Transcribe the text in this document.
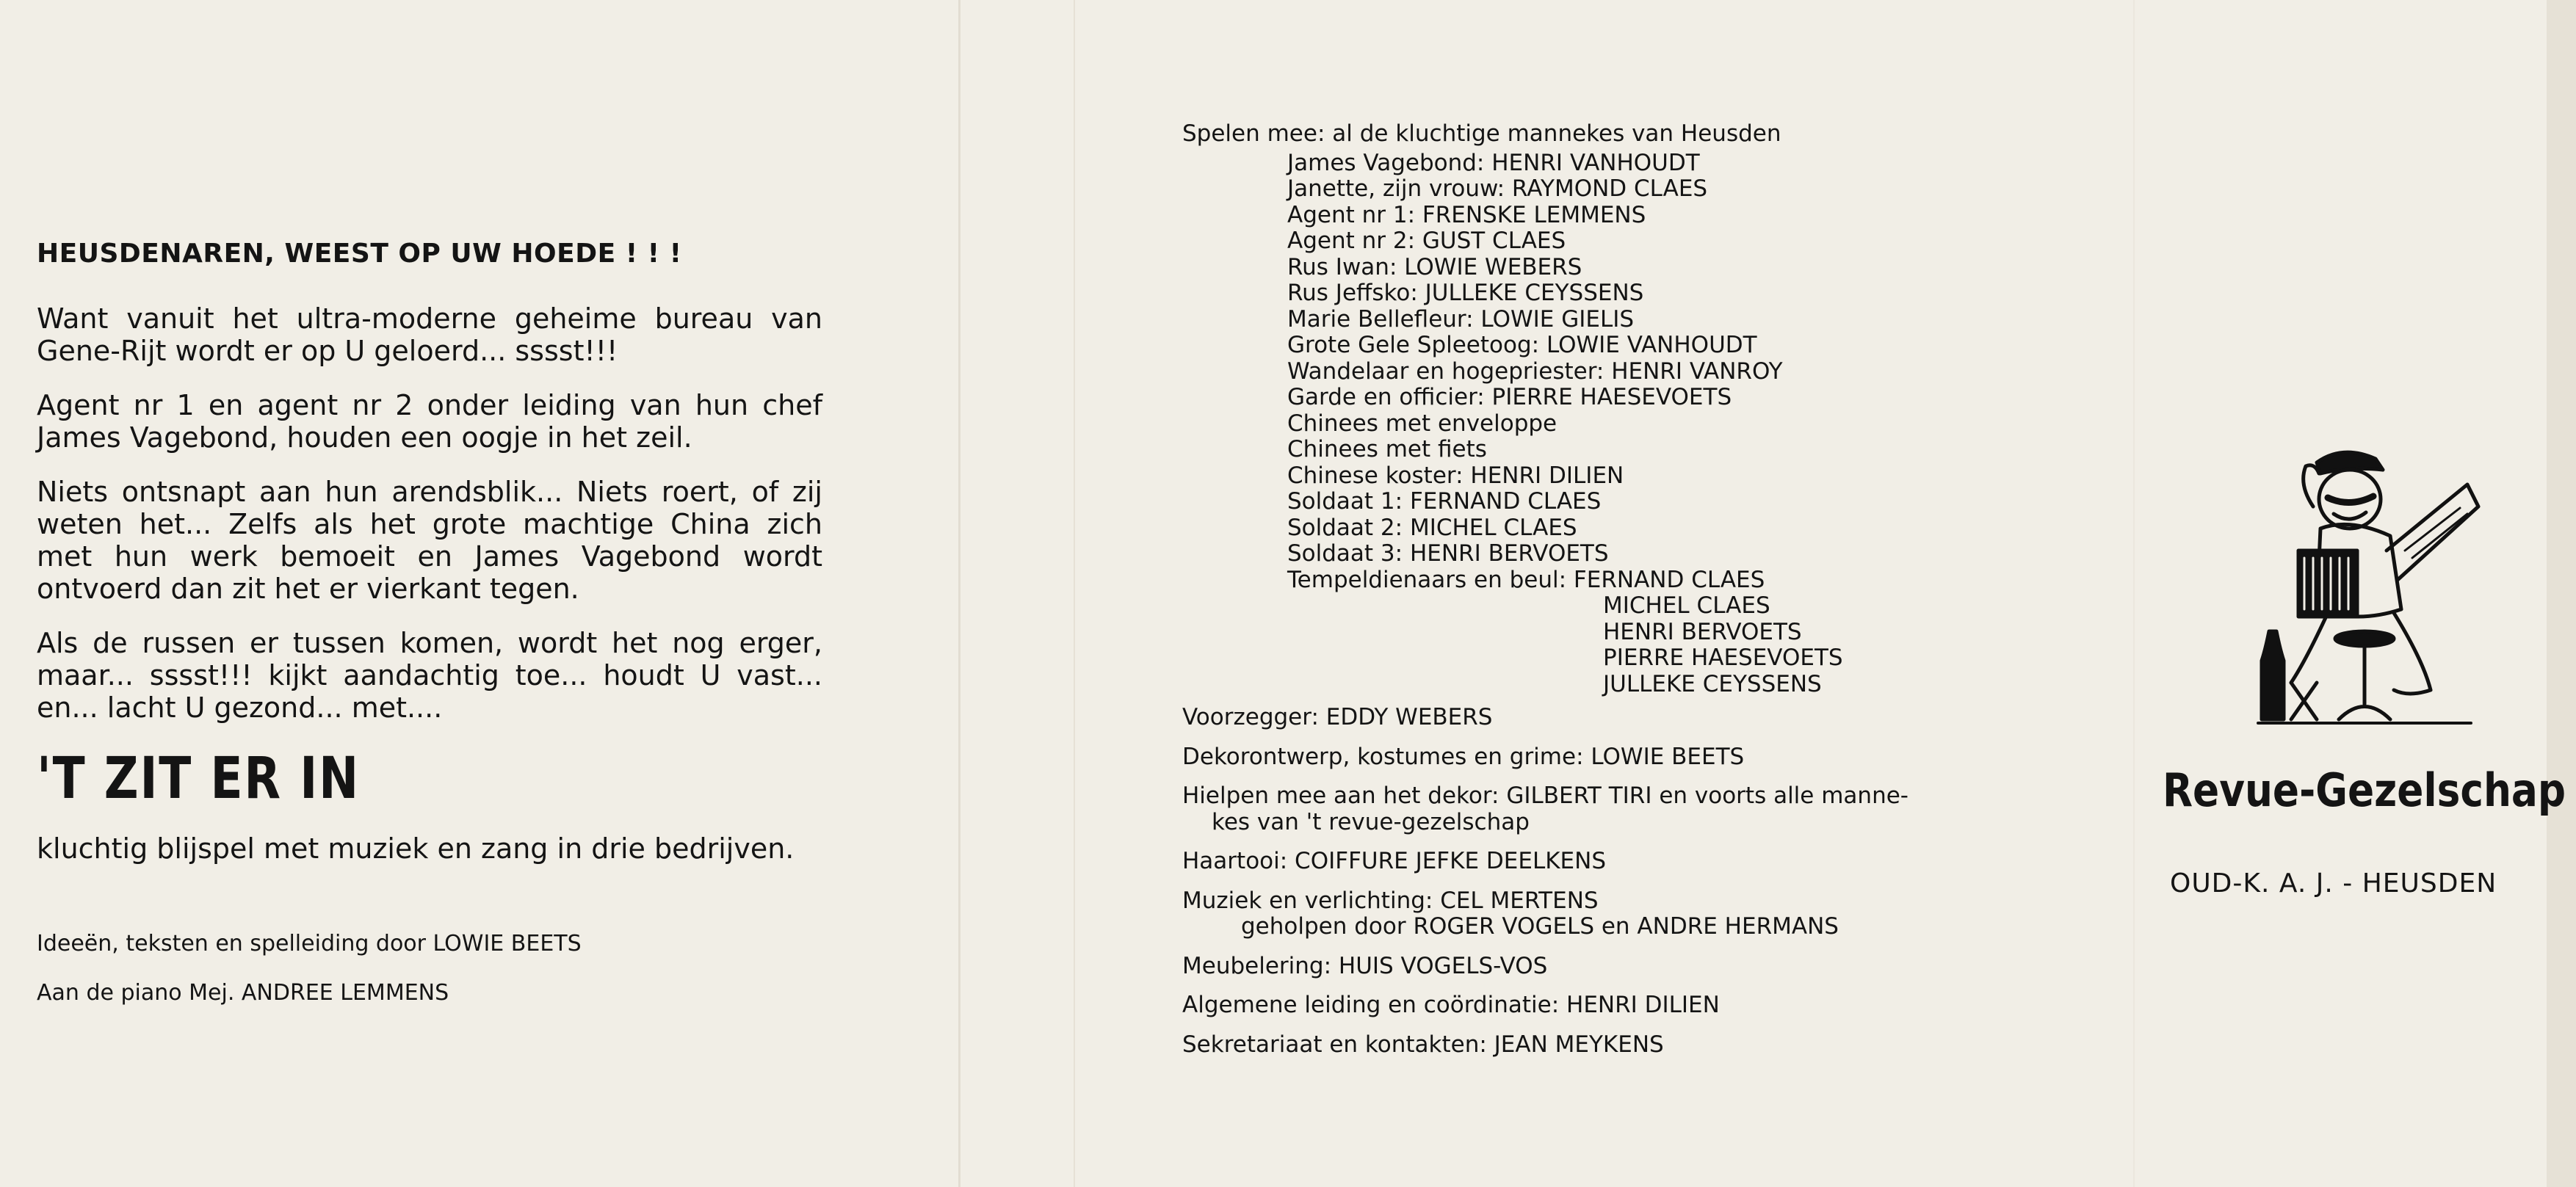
HEUSDENAREN, WEEST OP UW HOEDE ! ! !

Want vanuit het ultra-moderne geheime bureau van Gene-Rijt wordt er op U geloerd... sssst!!!

Agent nr 1 en agent nr 2 onder leiding van hun chef James Vagebond, houden een oogje in het zeil.

Niets ontsnapt aan hun arendsblik... Niets roert, of zij weten het... Zelfs als het grote machtige China zich met hun werk bemoeit en James Vagebond wordt ontvoerd dan zit het er vierkant tegen.

Als de russen er tussen komen, wordt het nog erger, maar... sssst!!! kijkt aandachtig toe... houdt U vast... en... lacht U gezond... met....

'T ZIT ER IN
kluchtig blijspel met muziek en zang in drie bedrijven.
Ideeën, teksten en spelleiding door LOWIE BEETS
Aan de piano Mej. ANDREE LEMMENS
Spelen mee: al de kluchtige mannekes van Heusden
James Vagebond: HENRI VANHOUDT
Janette, zijn vrouw: RAYMOND CLAES
Agent nr 1: FRENSKE LEMMENS
Agent nr 2: GUST CLAES
Rus Iwan: LOWIE WEBERS
Rus Jeffsko: JULLEKE CEYSSENS
Marie Bellefleur: LOWIE GIELIS
Grote Gele Spleetoog: LOWIE VANHOUDT
Wandelaar en hogepriester: HENRI VANROY
Garde en officier: PIERRE HAESEVOETS
Chinees met enveloppe
Chinees met fiets
Chinese koster: HENRI DILIEN
Soldaat 1: FERNAND CLAES
Soldaat 2: MICHEL CLAES
Soldaat 3: HENRI BERVOETS
Tempeldienaars en beul: FERNAND CLAES
MICHEL CLAES
HENRI BERVOETS
PIERRE HAESEVOETS
JULLEKE CEYSSENS
Voorzegger: EDDY WEBERS
Dekorontwerp, kostumes en grime: LOWIE BEETS
Hielpen mee aan het dekor: GILBERT TIRI en voorts alle manne-
kes van 't revue-gezelschap
Haartooi: COIFFURE JEFKE DEELKENS
Muziek en verlichting: CEL MERTENS
geholpen door ROGER VOGELS en ANDRE HERMANS
Meubelering: HUIS VOGELS-VOS
Algemene leiding en coördinatie: HENRI DILIEN
Sekretariaat en kontakten: JEAN MEYKENS
Revue-Gezelschap
OUD-K. A. J. - HEUSDEN
